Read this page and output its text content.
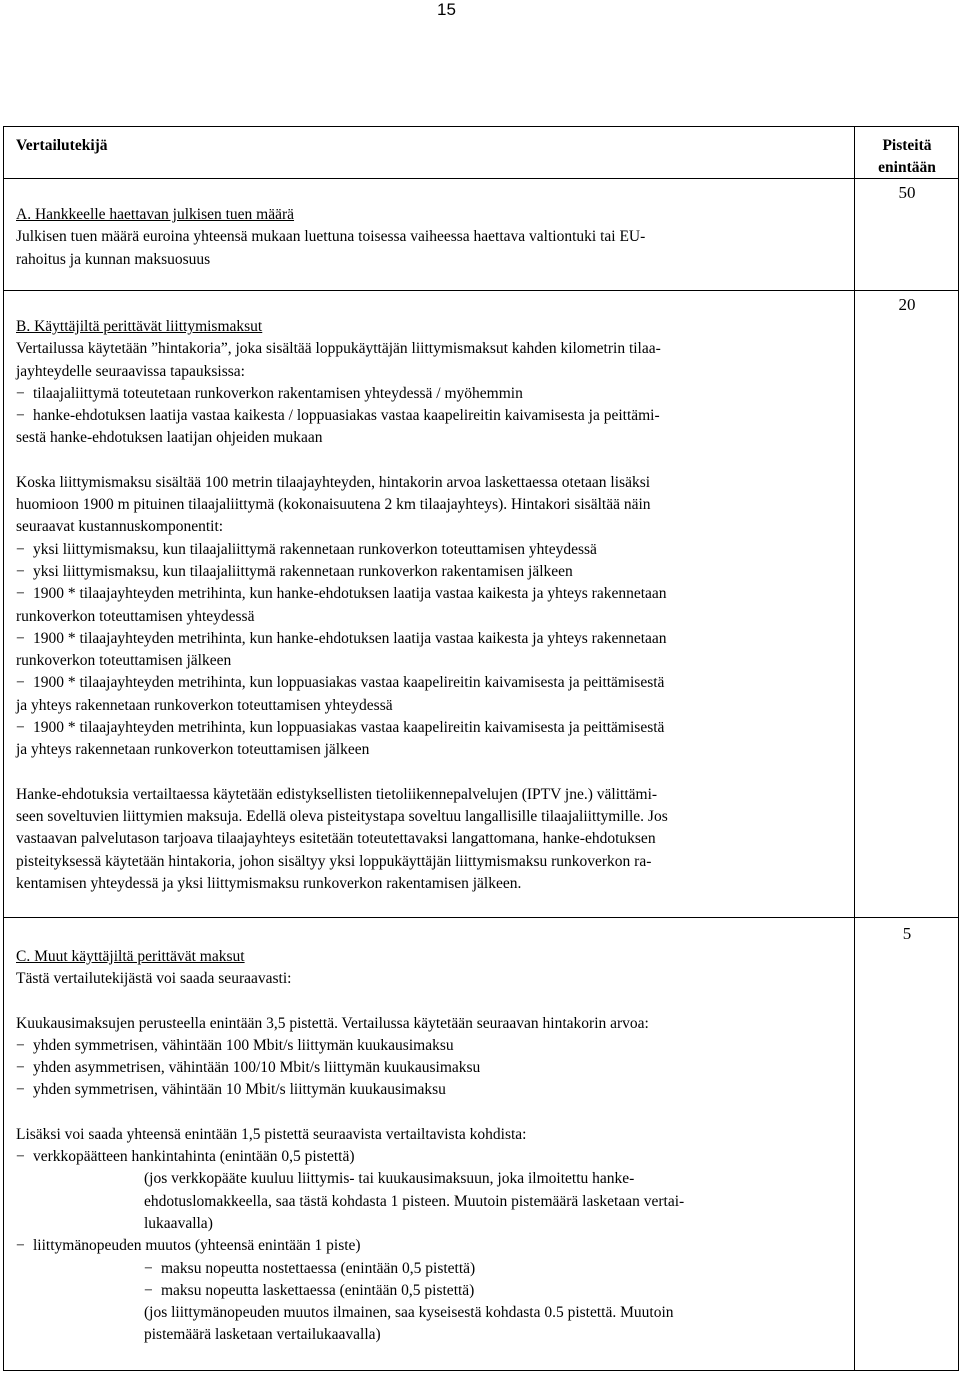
15
Vertailutekijä	Pisteitä
enintään

A. Hankkeelle haettavan julkisen tuen määrä

Julkisen tuen määrä euroina yhteensä mukaan luettuna toisessa vaiheessa haettava valtiontuki tai EU-

rahoitus ja kunnan maksuosuus

50

B. Käyttäjiltä perittävät liittymismaksut

Vertailussa käytetään ”hintakoria”, joka sisältää loppukäyttäjän liittymismaksut kahden kilometrin tilaa-

jayhteydelle seuraavissa tapauksissa:

− tilaajaliittymä toteutetaan runkoverkon rakentamisen yhteydessä / myöhemmin

− hanke-ehdotuksen laatija vastaa kaikesta / loppuasiakas vastaa kaapelireitin kaivamisesta ja peittämi-

sestä hanke-ehdotuksen laatijan ohjeiden mukaan

Koska liittymismaksu sisältää 100 metrin tilaajayhteyden, hintakorin arvoa laskettaessa otetaan lisäksi

huomioon 1900 m pituinen tilaajaliittymä (kokonaisuutena 2 km tilaajayhteys). Hintakori sisältää näin

seuraavat kustannuskomponentit:

− yksi liittymismaksu, kun tilaajaliittymä rakennetaan runkoverkon toteuttamisen yhteydessä

− yksi liittymismaksu, kun tilaajaliittymä rakennetaan runkoverkon rakentamisen jälkeen

− 1900 * tilaajayhteyden metrihinta, kun hanke-ehdotuksen laatija vastaa kaikesta ja yhteys rakennetaan

runkoverkon toteuttamisen yhteydessä

− 1900 * tilaajayhteyden metrihinta, kun hanke-ehdotuksen laatija vastaa kaikesta ja yhteys rakennetaan

runkoverkon toteuttamisen jälkeen

− 1900 * tilaajayhteyden metrihinta, kun loppuasiakas vastaa kaapelireitin kaivamisesta ja peittämisestä

ja yhteys rakennetaan runkoverkon toteuttamisen yhteydessä

− 1900 * tilaajayhteyden metrihinta, kun loppuasiakas vastaa kaapelireitin kaivamisesta ja peittämisestä

ja yhteys rakennetaan runkoverkon toteuttamisen jälkeen

Hanke-ehdotuksia vertailtaessa käytetään edistyksellisten tietoliikennepalvelujen (IPTV jne.) välittämi-

seen soveltuvien liittymien maksuja. Edellä oleva pisteitystapa soveltuu langallisille tilaajaliittymille. Jos

vastaavan palvelutason tarjoava tilaajayhteys esitetään toteutettavaksi langattomana, hanke-ehdotuksen

pisteityksessä käytetään hintakoria, johon sisältyy yksi loppukäyttäjän liittymismaksu runkoverkon ra-

kentamisen yhteydessä ja yksi liittymismaksu runkoverkon rakentamisen jälkeen.

20

C. Muut käyttäjiltä perittävät maksut

Tästä vertailutekijästä voi saada seuraavasti:

Kuukausimaksujen perusteella enintään 3,5 pistettä. Vertailussa käytetään seuraavan hintakorin arvoa:

− yhden symmetrisen, vähintään 100 Mbit/s liittymän kuukausimaksu

− yhden asymmetrisen, vähintään 100/10 Mbit/s liittymän kuukausimaksu

− yhden symmetrisen, vähintään 10 Mbit/s liittymän kuukausimaksu

Lisäksi voi saada yhteensä enintään 1,5 pistettä seuraavista vertailtavista kohdista:

− verkkopäätteen hankintahinta (enintään 0,5 pistettä)

(jos verkkopääte kuuluu liittymis- tai kuukausimaksuun, joka ilmoitettu hanke-

ehdotuslomakkeella, saa tästä kohdasta 1 pisteen. Muutoin pistemäärä lasketaan vertai-

lukaavalla)

− liittymänopeuden muutos (yhteensä enintään 1 piste)

− maksu nopeutta nostettaessa (enintään 0,5 pistettä)

− maksu nopeutta laskettaessa (enintään 0,5 pistettä)

(jos liittymänopeuden muutos ilmainen, saa kyseisestä kohdasta 0.5 pistettä. Muutoin

pistemäärä lasketaan vertailukaavalla)

5
